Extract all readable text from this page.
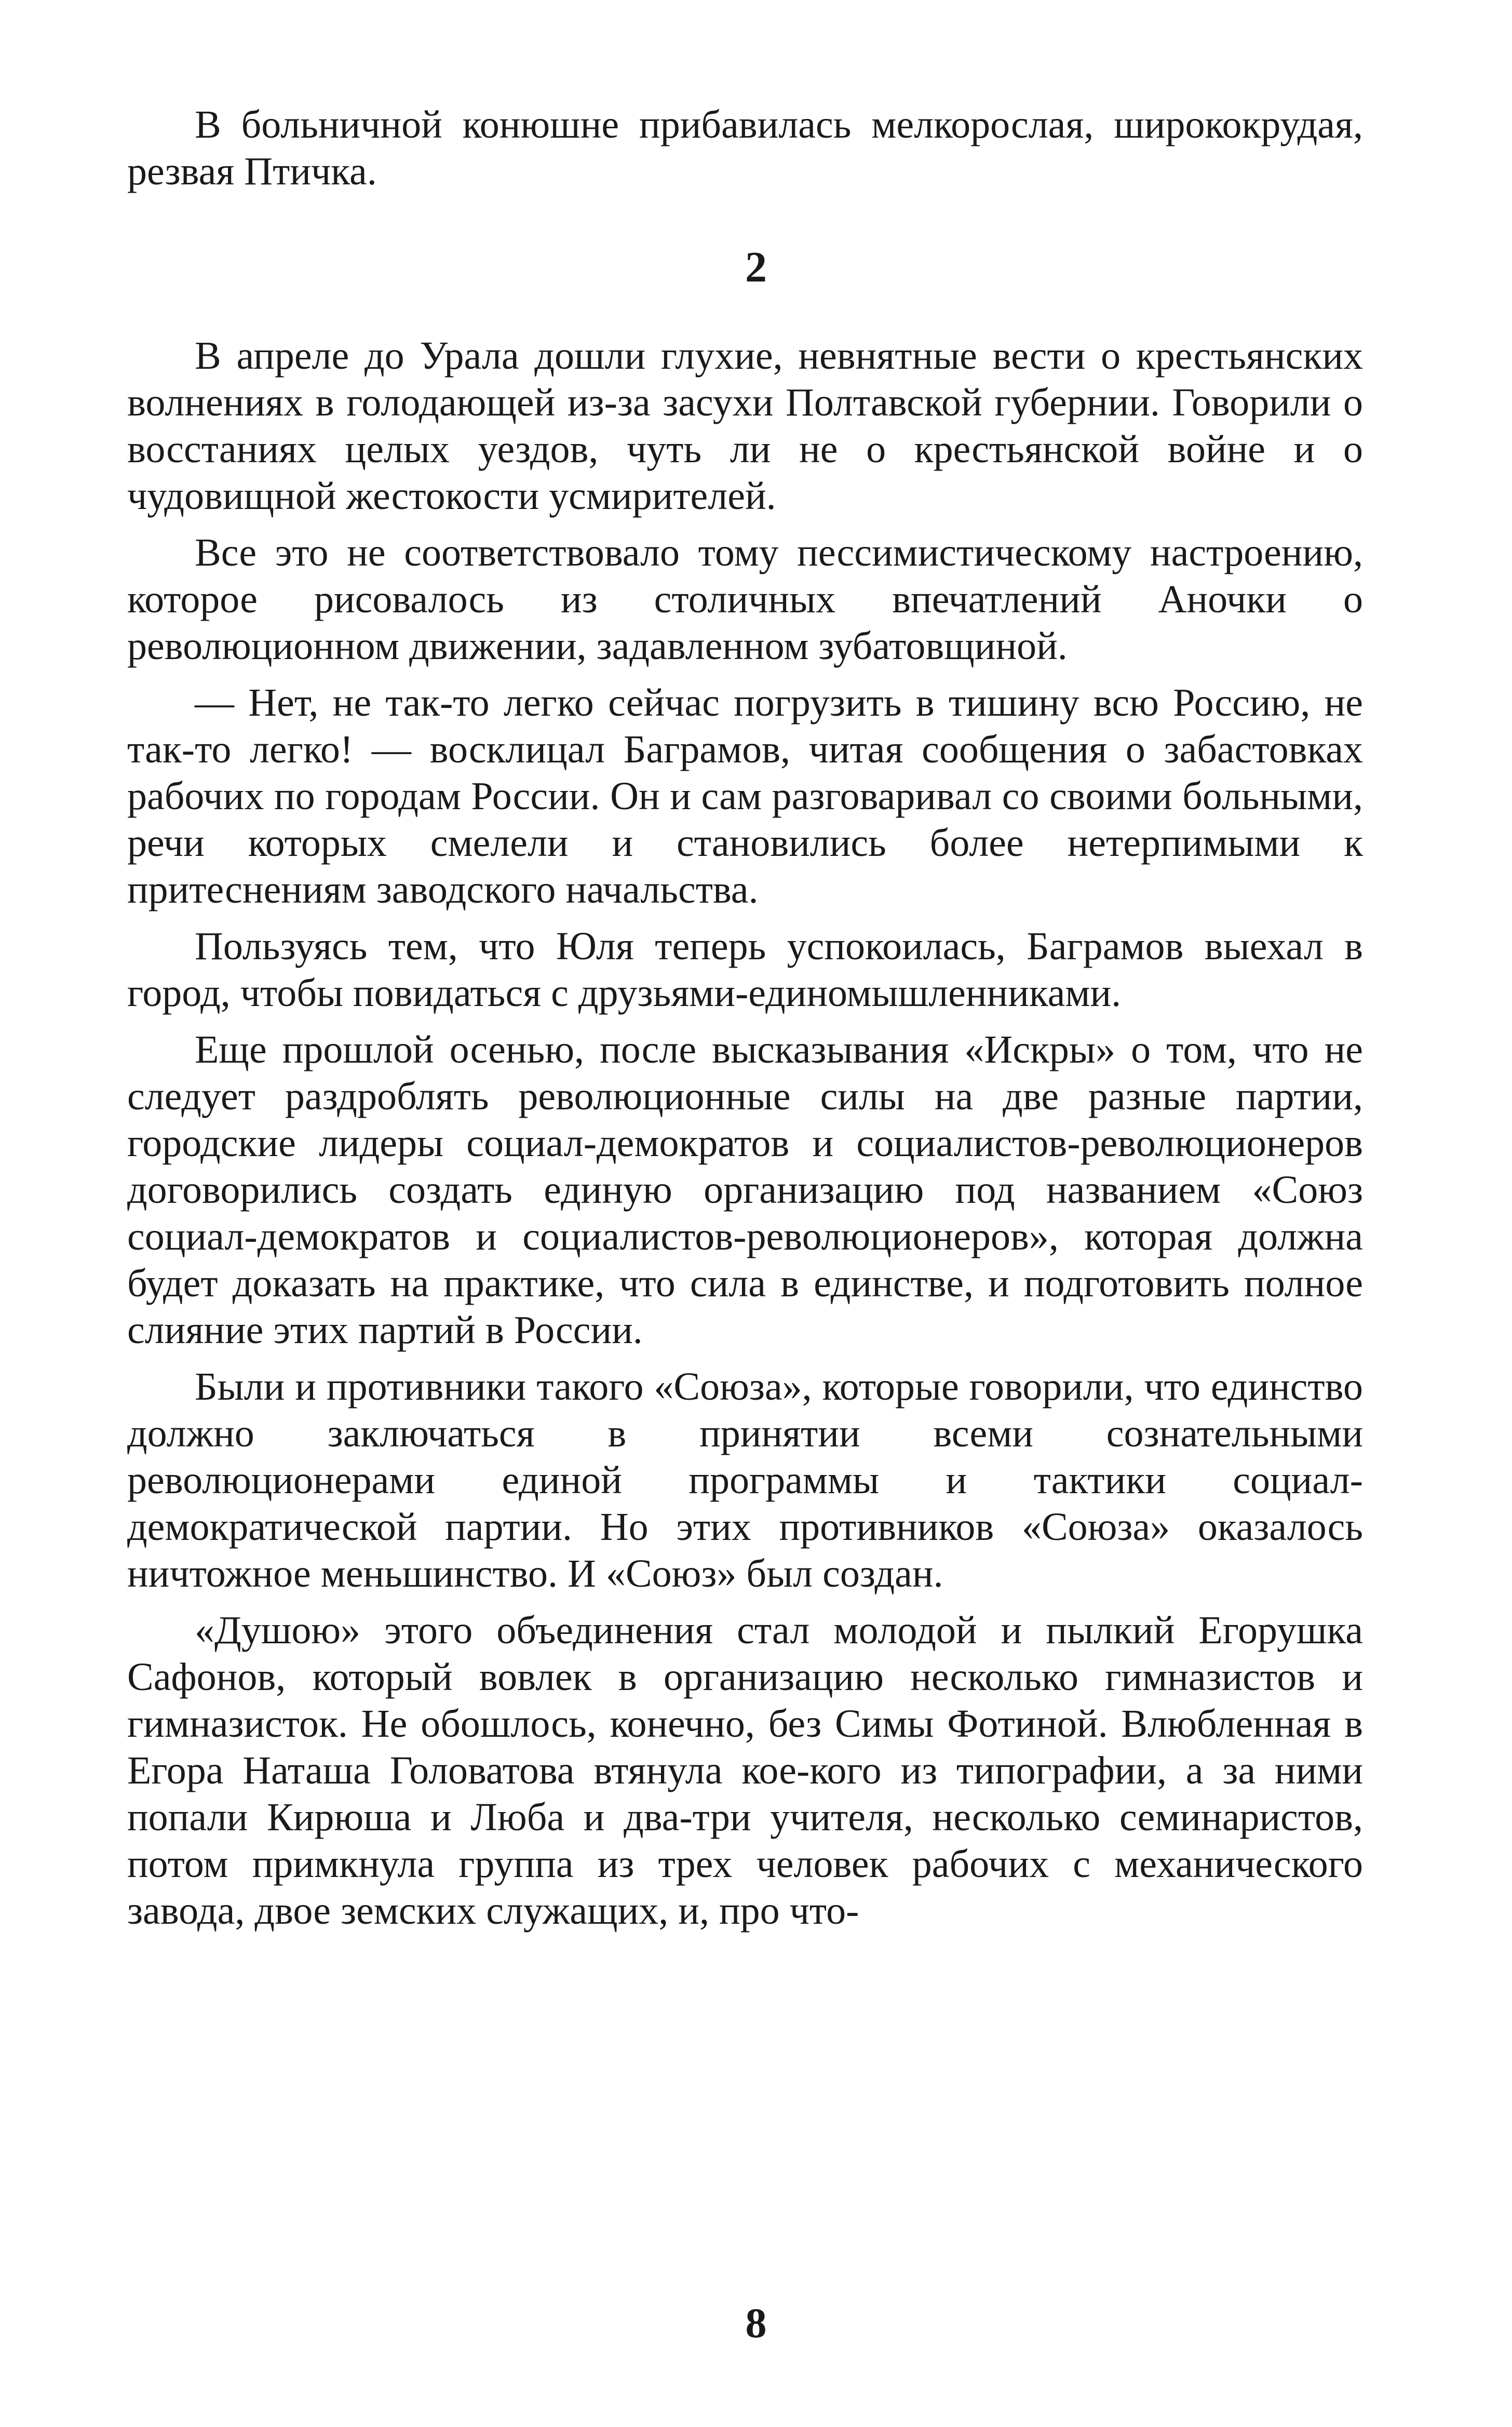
В больничной конюшне прибавилась мелкорослая, ширококрудая, резвая Птичка.

2

В апреле до Урала дошли глухие, невнятные вести о крестьянских волнениях в голодающей из-за засухи Полтавской губернии. Говорили о восстаниях целых уездов, чуть ли не о крестьянской войне и о чудовищной жестокости усмирителей.

Все это не соответствовало тому пессимистическому настроению, которое рисовалось из столичных впечатлений Аночки о революционном движении, задавленном зубатовщиной.

— Нет, не так-то легко сейчас погрузить в тишину всю Россию, не так-то легко! — восклицал Баграмов, читая сообщения о забастовках рабочих по городам России. Он и сам разговаривал со своими больными, речи которых смелели и становились более нетерпимыми к притеснениям заводского начальства.

Пользуясь тем, что Юля теперь успокоилась, Баграмов выехал в город, чтобы повидаться с друзьями-единомышленниками.

Еще прошлой осенью, после высказывания «Искры» о том, что не следует раздроблять революционные силы на две разные партии, городские лидеры социал-демократов и социалистов-революционеров договорились создать единую организацию под названием «Союз социал-демократов и социалистов-революционеров», которая должна будет доказать на практике, что сила в единстве, и подготовить полное слияние этих партий в России.

Были и противники такого «Союза», которые говорили, что единство должно заключаться в принятии всеми сознательными революционерами единой программы и тактики социал-демократической партии. Но этих противников «Союза» оказалось ничтожное меньшинство. И «Союз» был создан.

«Душою» этого объединения стал молодой и пылкий Егорушка Сафонов, который вовлек в организацию несколько гимназистов и гимназисток. Не обошлось, конечно, без Симы Фотиной. Влюбленная в Егора Наташа Головатова втянула кое-кого из типографии, а за ними попали Кирюша и Люба и два-три учителя, несколько семинаристов, потом примкнула группа из трех человек рабочих с механического завода, двое земских служащих, и, про что-

8
